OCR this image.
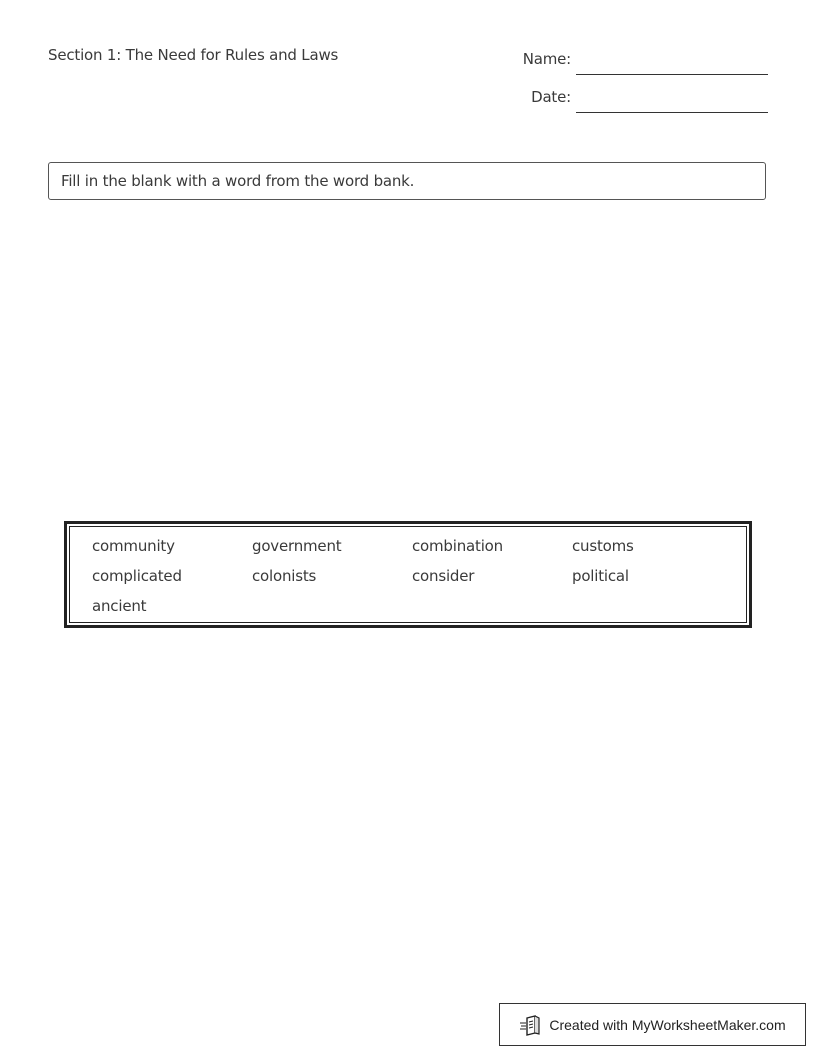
Section 1: The Need for Rules and Laws	Name:
Date:
Fill in the blank with a word from the word bank.
community	government	combination	customs
complicated	colonists	consider	political
ancient
Created with MyWorksheetMaker.com
